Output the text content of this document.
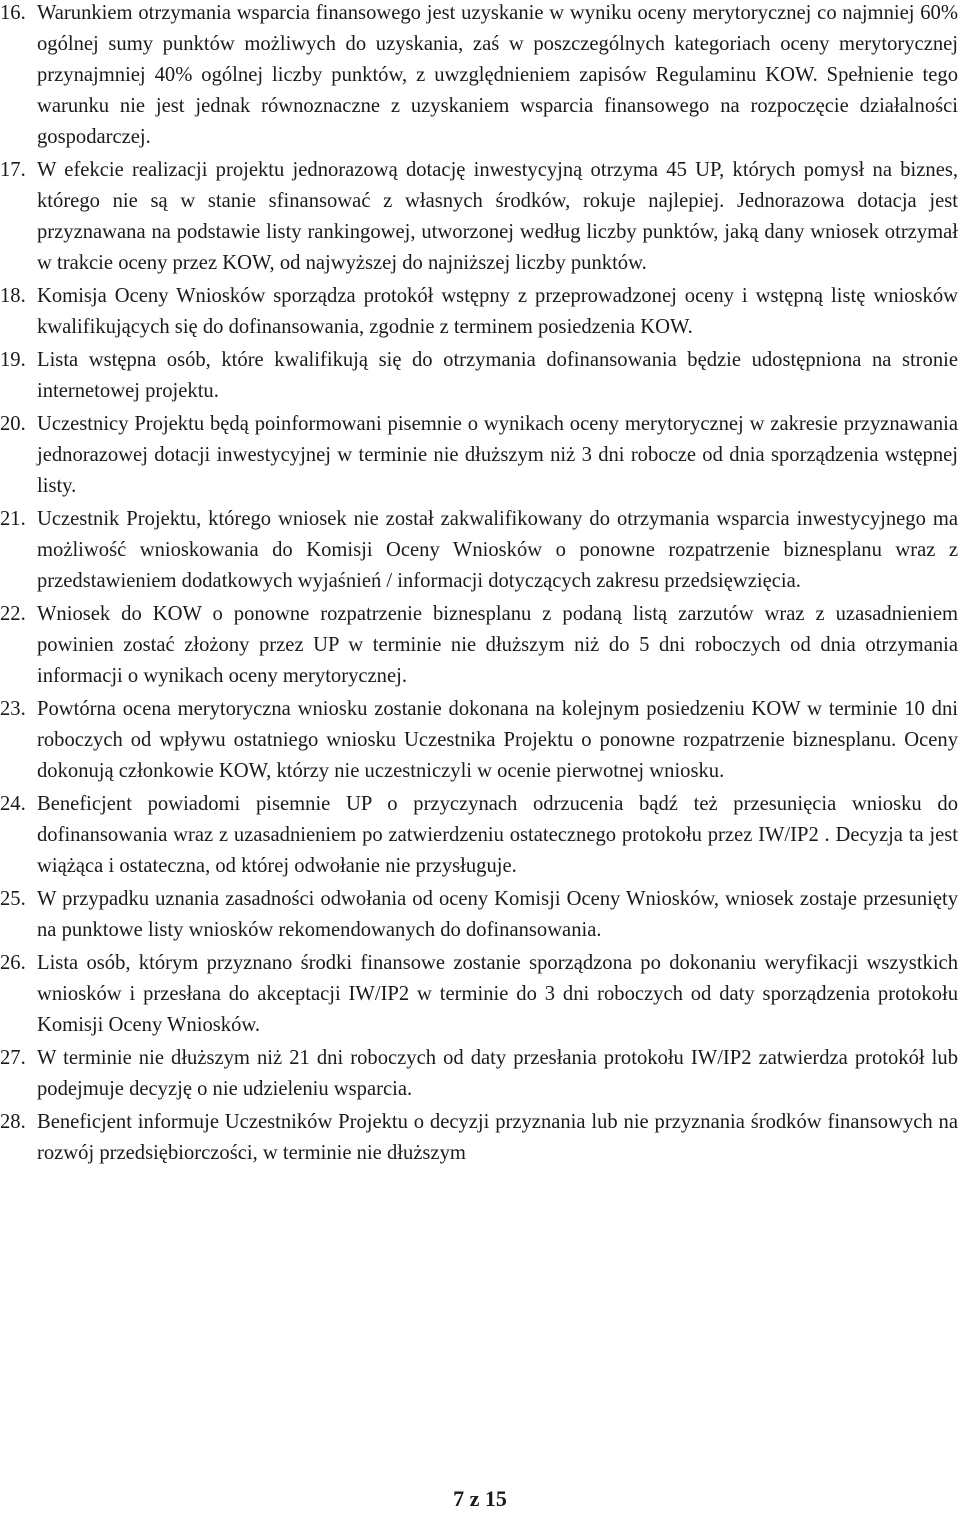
16. Warunkiem otrzymania wsparcia finansowego jest uzyskanie w wyniku oceny merytorycznej co najmniej 60% ogólnej sumy punktów możliwych do uzyskania, zaś w poszczególnych kategoriach oceny merytorycznej przynajmniej 40% ogólnej liczby punktów, z uwzględnieniem zapisów Regulaminu KOW. Spełnienie tego warunku nie jest jednak równoznaczne z uzyskaniem wsparcia finansowego na rozpoczęcie działalności gospodarczej.
17. W efekcie realizacji projektu jednorazową dotację inwestycyjną otrzyma 45 UP, których pomysł na biznes, którego nie są w stanie sfinansować z własnych środków, rokuje najlepiej. Jednorazowa dotacja jest przyznawana na podstawie listy rankingowej, utworzonej według liczby punktów, jaką dany wniosek otrzymał w trakcie oceny przez KOW, od najwyższej do najniższej liczby punktów.
18. Komisja Oceny Wniosków sporządza protokół wstępny z przeprowadzonej oceny i wstępną listę wniosków kwalifikujących się do dofinansowania, zgodnie z terminem posiedzenia KOW.
19. Lista wstępna osób, które kwalifikują się do otrzymania dofinansowania będzie udostępniona na stronie internetowej projektu.
20. Uczestnicy Projektu będą poinformowani pisemnie o wynikach oceny merytorycznej w zakresie przyznawania jednorazowej dotacji inwestycyjnej w terminie nie dłuższym niż 3 dni robocze od dnia sporządzenia wstępnej listy.
21. Uczestnik Projektu, którego wniosek nie został zakwalifikowany do otrzymania wsparcia inwestycyjnego ma możliwość wnioskowania do Komisji Oceny Wniosków o ponowne rozpatrzenie biznesplanu wraz z przedstawieniem dodatkowych wyjaśnień / informacji dotyczących zakresu przedsięwzięcia.
22. Wniosek do KOW o ponowne rozpatrzenie biznesplanu z podaną listą zarzutów wraz z uzasadnieniem powinien zostać złożony przez UP w terminie nie dłuższym niż do 5 dni roboczych od dnia otrzymania informacji o wynikach oceny merytorycznej.
23. Powtórna ocena merytoryczna wniosku zostanie dokonana na kolejnym posiedzeniu KOW w terminie 10 dni roboczych od wpływu ostatniego wniosku Uczestnika Projektu o ponowne rozpatrzenie biznesplanu. Oceny dokonują członkowie KOW, którzy nie uczestniczyli w ocenie pierwotnej wniosku.
24. Beneficjent powiadomi pisemnie UP o przyczynach odrzucenia bądź też przesunięcia wniosku do dofinansowania wraz z uzasadnieniem po zatwierdzeniu ostatecznego protokołu przez IW/IP2 . Decyzja ta jest wiążąca i ostateczna, od której odwołanie nie przysługuje.
25. W przypadku uznania zasadności odwołania od oceny Komisji Oceny Wniosków, wniosek zostaje przesunięty na punktowe listy wniosków rekomendowanych do dofinansowania.
26. Lista osób, którym przyznano środki finansowe zostanie sporządzona po dokonaniu weryfikacji wszystkich wniosków i przesłana do akceptacji IW/IP2 w terminie do 3 dni roboczych od daty sporządzenia protokołu Komisji Oceny Wniosków.
27. W terminie nie dłuższym niż 21 dni roboczych od daty przesłania protokołu IW/IP2 zatwierdza protokół lub podejmuje decyzję o nie udzieleniu wsparcia.
28. Beneficjent informuje Uczestników Projektu o decyzji przyznania lub nie przyznania środków finansowych na rozwój przedsiębiorczości, w terminie nie dłuższym
7 z 15
